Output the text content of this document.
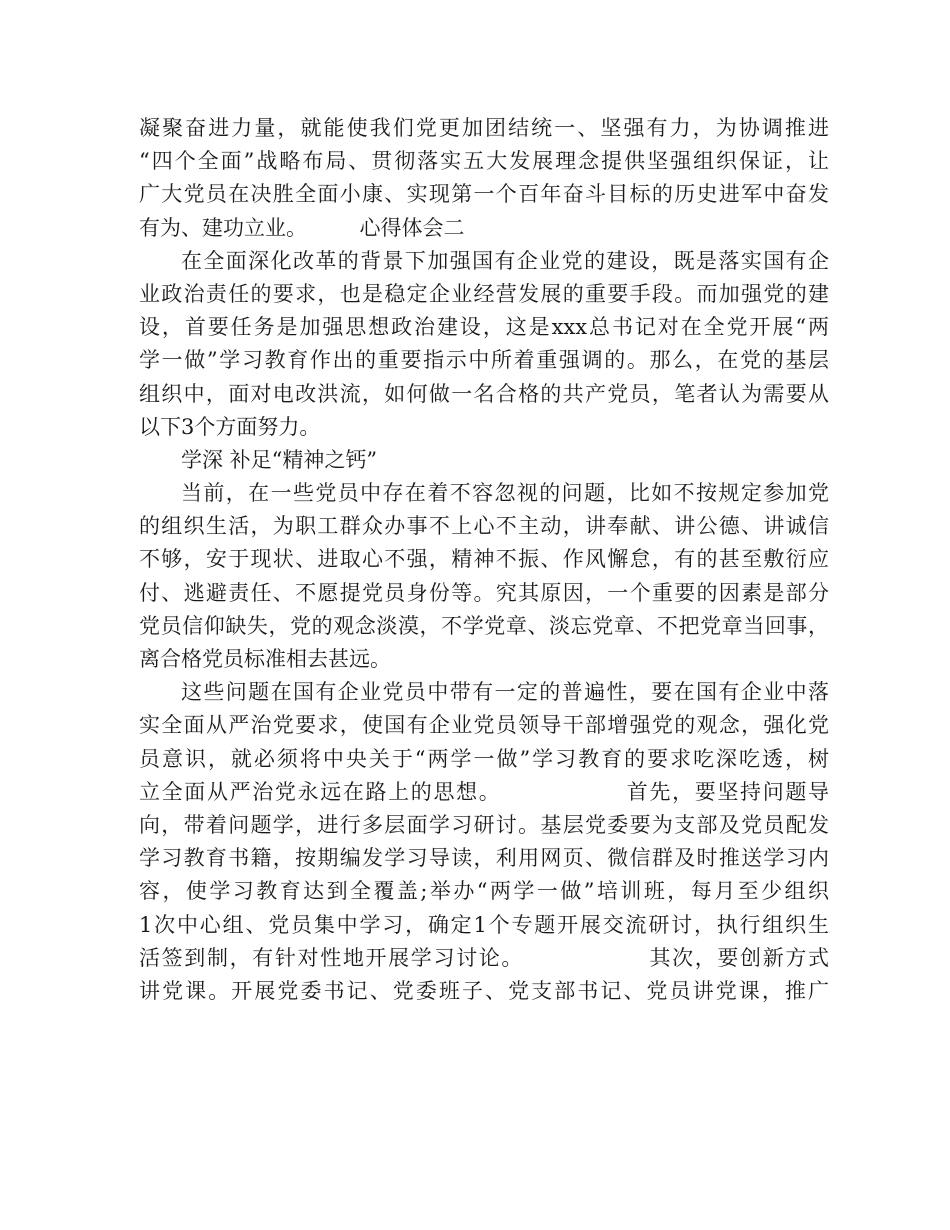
凝聚奋进力量，就能使我们党更加团结统一、坚强有力，为协调推进
“四个全面”战略布局、贯彻落实五大发展理念提供坚强组织保证，让
广大党员在决胜全面小康、实现第一个百年奋斗目标的历史进军中奋发
有为、建功立业。　　　心得体会二
在全面深化改革的背景下加强国有企业党的建设，既是落实国有企
业政治责任的要求，也是稳定企业经营发展的重要手段。而加强党的建
设，首要任务是加强思想政治建设，这是xxx总书记对在全党开展“两
学一做”学习教育作出的重要指示中所着重强调的。那么，在党的基层
组织中，面对电改洪流，如何做一名合格的共产党员，笔者认为需要从
以下3个方面努力。
学深 补足“精神之钙”
当前，在一些党员中存在着不容忽视的问题，比如不按规定参加党
的组织生活，为职工群众办事不上心不主动，讲奉献、讲公德、讲诚信
不够，安于现状、进取心不强，精神不振、作风懈怠，有的甚至敷衍应
付、逃避责任、不愿提党员身份等。究其原因，一个重要的因素是部分
党员信仰缺失，党的观念淡漠，不学党章、淡忘党章、不把党章当回事，
离合格党员标准相去甚远。
这些问题在国有企业党员中带有一定的普遍性，要在国有企业中落
实全面从严治党要求，使国有企业党员领导干部增强党的观念，强化党
员意识，就必须将中央关于“两学一做”学习教育的要求吃深吃透，树
立全面从严治党永远在路上的思想。　　　　　　首先，要坚持问题导
向，带着问题学，进行多层面学习研讨。基层党委要为支部及党员配发
学习教育书籍，按期编发学习导读，利用网页、微信群及时推送学习内
容，使学习教育达到全覆盖;举办“两学一做”培训班，每月至少组织
1次中心组、党员集中学习，确定1个专题开展交流研讨，执行组织生
活签到制，有针对性地开展学习讨论。　　　　　　其次，要创新方式
讲党课。开展党委书记、党委班子、党支部书记、党员讲党课，推广
